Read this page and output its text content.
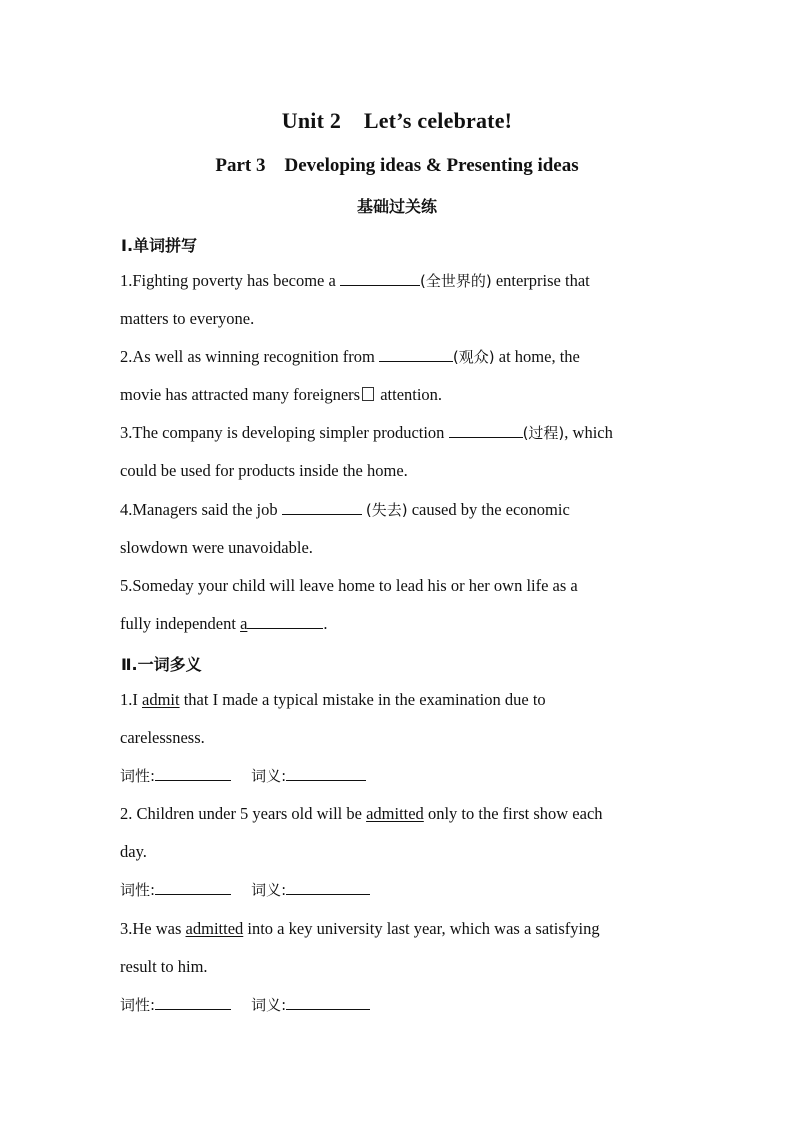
Unit 2    Let’s celebrate!
Part 3    Developing ideas & Presenting ideas
基础过关练
Ⅰ.单词拼写
1.Fighting poverty has become a	(全世界的) enterprise that
matters to everyone.
2.As well as winning recognition from	(观众) at home, the
movie has attracted many foreigners attention.
3.The company is developing simpler production	(过程), which
could be used for products inside the home.
4.Managers said the job	(失去) caused by the economic
slowdown were unavoidable.
5.Someday your child will leave home to lead his or her own life as a
fully independent a	.
Ⅱ.一词多义
1.I admit that I made a typical mistake in the examination due to
carelessness.
词性:	词义:
2. Children under 5 years old will be admitted only to the first show each
day.
词性:	词义:
3.He was admitted into a key university last year, which was a satisfying
result to him.
词性:	词义:
